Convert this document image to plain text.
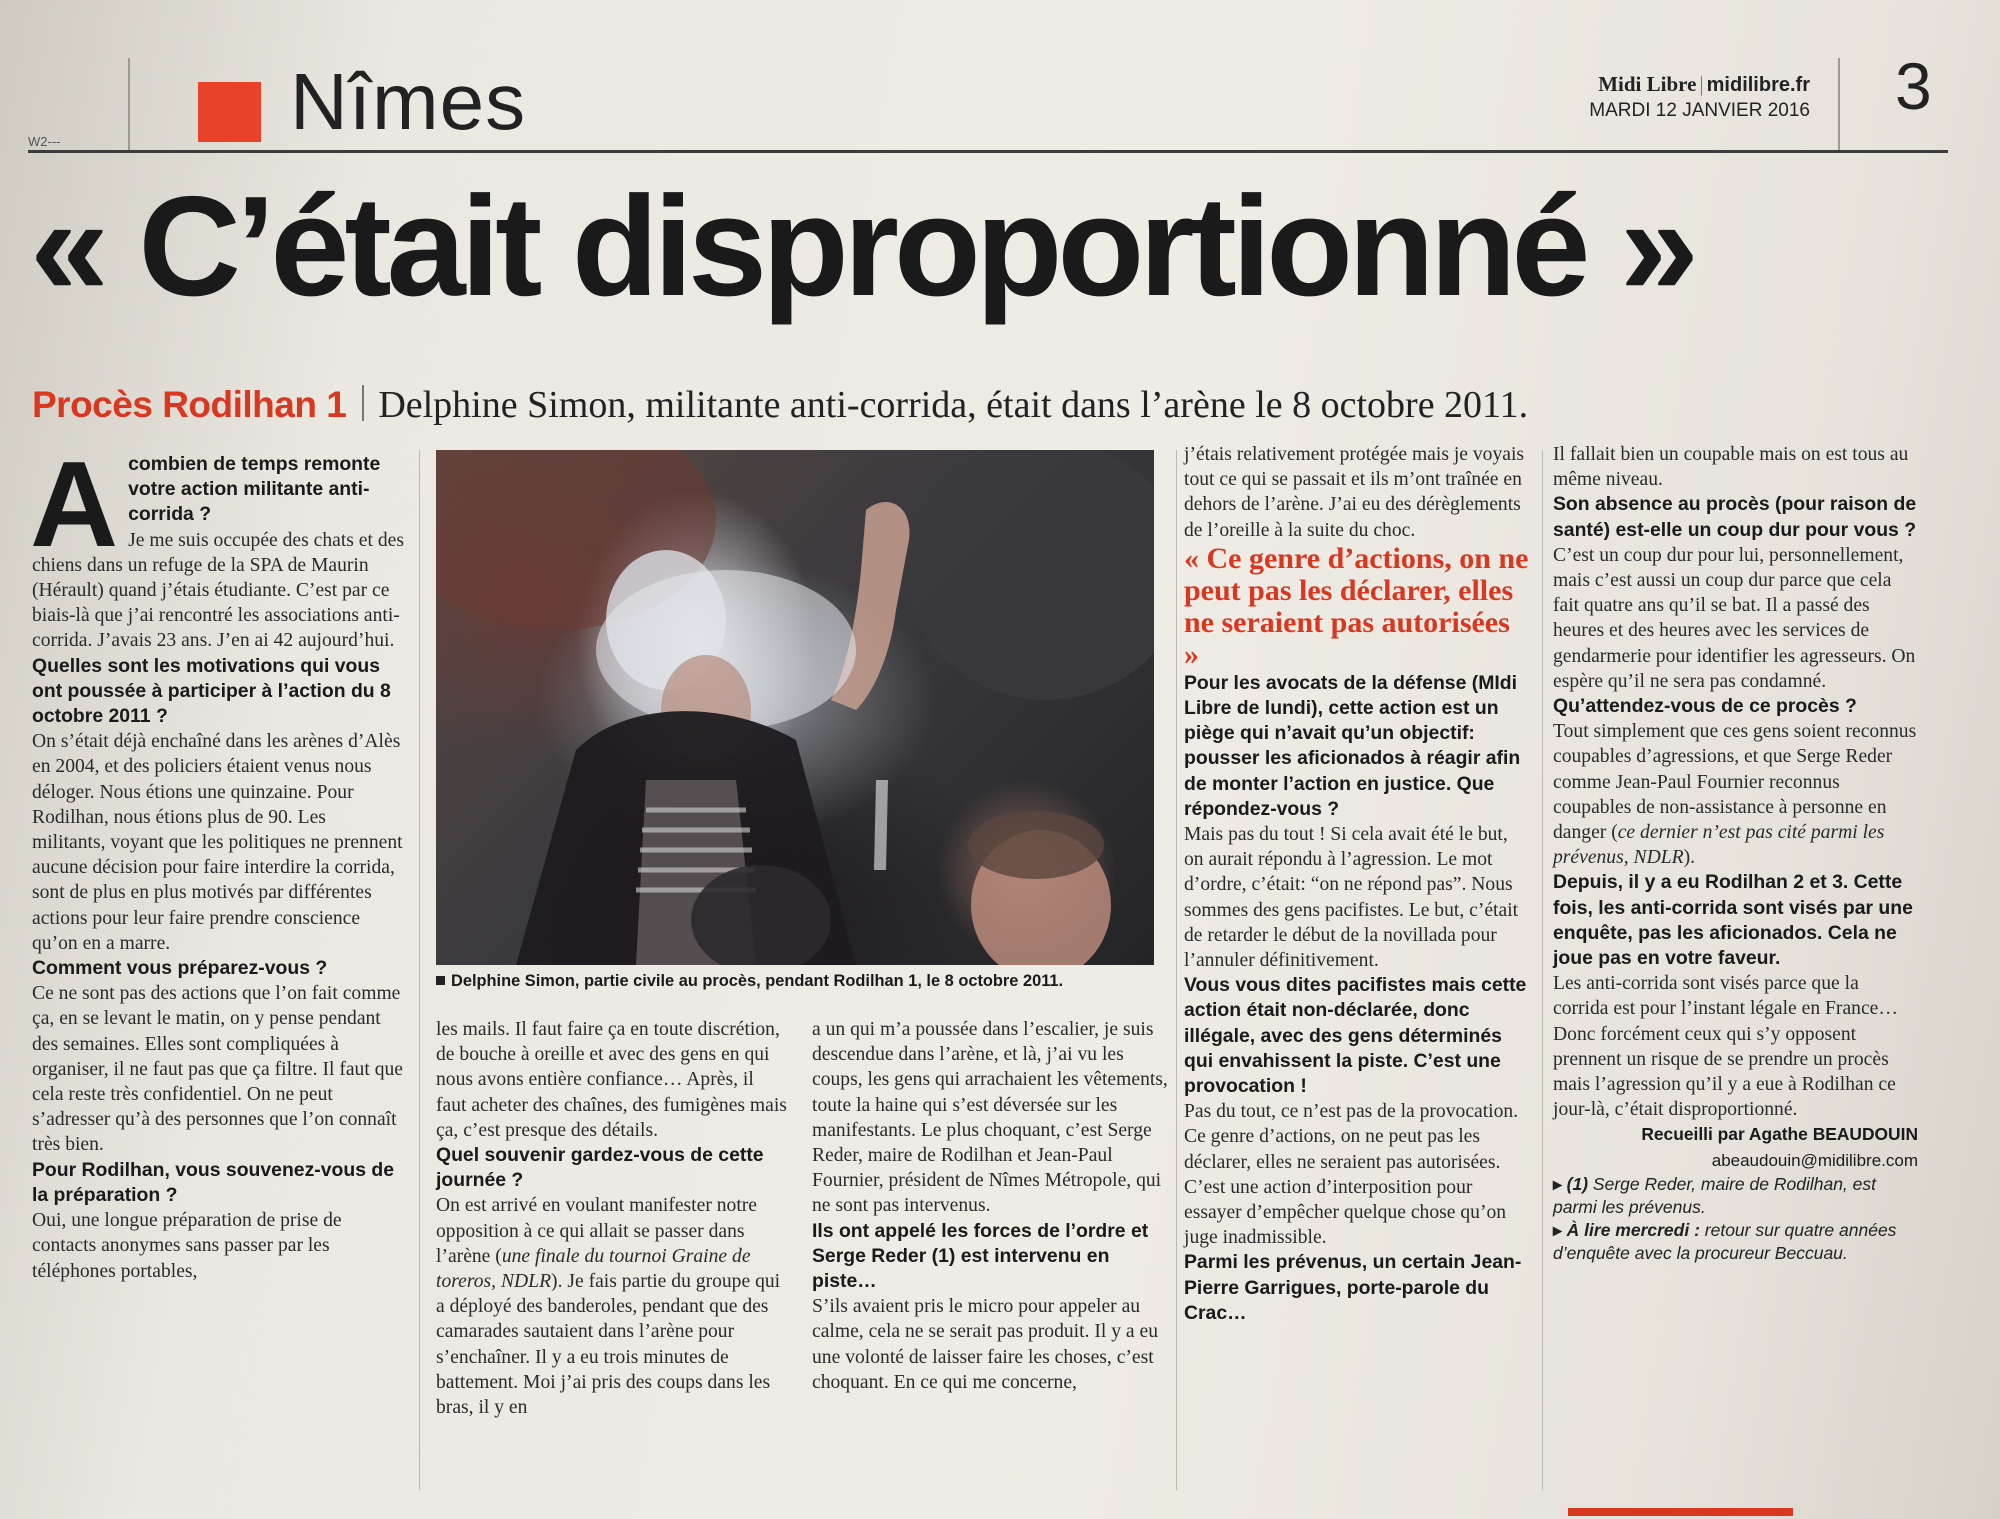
Nîmes
W2---
Midi Libre | midilibre.fr
MARDI 12 JANVIER 2016 3
« C’était disproportionné »
Procès Rodilhan 1 Delphine Simon, militante anti-corrida, était dans l’arène le 8 octobre 2011.
A combien de temps remonte votre action militante anti-corrida ?

Je me suis occupée des chats et des chiens dans un refuge de la SPA de Maurin (Hérault) quand j’étais étudiante. C’est par ce biais-là que j’ai rencontré les associations anti-corrida. J’avais 23 ans. J’en ai 42 aujourd’hui.

Quelles sont les motivations qui vous ont poussée à participer à l’action du 8 octobre 2011 ?

On s’était déjà enchaîné dans les arènes d’Alès en 2004, et des policiers étaient venus nous déloger. Nous étions une quinzaine. Pour Rodilhan, nous étions plus de 90. Les militants, voyant que les politiques ne prennent aucune décision pour faire interdire la corrida, sont de plus en plus motivés par différentes actions pour leur faire prendre conscience qu’on en a marre.

Comment vous préparez-vous ?

Ce ne sont pas des actions que l’on fait comme ça, en se levant le matin, on y pense pendant des semaines. Elles sont compliquées à organiser, il ne faut pas que ça filtre. Il faut que cela reste très confidentiel. On ne peut s’adresser qu’à des personnes que l’on connaît très bien.

Pour Rodilhan, vous souvenez-vous de la préparation ?

Oui, une longue préparation de prise de contacts anonymes sans passer par les téléphones portables,

Delphine Simon, partie civile au procès, pendant Rodilhan 1, le 8 octobre 2011.

les mails. Il faut faire ça en toute discrétion, de bouche à oreille et avec des gens en qui nous avons entière confiance… Après, il faut acheter des chaînes, des fumigènes mais ça, c’est presque des détails.

Quel souvenir gardez-vous de cette journée ?

On est arrivé en voulant manifester notre opposition à ce qui allait se passer dans l’arène (une finale du tournoi Graine de toreros, NDLR). Je fais partie du groupe qui a déployé des banderoles, pendant que des camarades sautaient dans l’arène pour s’enchaîner. Il y a eu trois minutes de battement. Moi j’ai pris des coups dans les bras, il y en

a un qui m’a poussée dans l’escalier, je suis descendue dans l’arène, et là, j’ai vu les coups, les gens qui arrachaient les vêtements, toute la haine qui s’est déversée sur les manifestants. Le plus choquant, c’est Serge Reder, maire de Rodilhan et Jean-Paul Fournier, président de Nîmes Métropole, qui ne sont pas intervenus.

Ils ont appelé les forces de l’ordre et Serge Reder (1) est intervenu en piste…

S’ils avaient pris le micro pour appeler au calme, cela ne se serait pas produit. Il y a eu une volonté de laisser faire les choses, c’est choquant. En ce qui me concerne,

j’étais relativement protégée mais je voyais tout ce qui se passait et ils m’ont traînée en dehors de l’arène. J’ai eu des dérèglements de l’oreille à la suite du choc.

« Ce genre d’actions, on ne peut pas les déclarer, elles ne seraient pas autorisées »

Pour les avocats de la défense (MIdi Libre de lundi), cette action est un piège qui n’avait qu’un objectif: pousser les aficionados à réagir afin de monter l’action en justice. Que répondez-vous ?

Mais pas du tout ! Si cela avait été le but, on aurait répondu à l’agression. Le mot d’ordre, c’était: “on ne répond pas”. Nous sommes des gens pacifistes. Le but, c’était de retarder le début de la novillada pour l’annuler définitivement.

Vous vous dites pacifistes mais cette action était non-déclarée, donc illégale, avec des gens déterminés qui envahissent la piste. C’est une provocation !

Pas du tout, ce n’est pas de la provocation. Ce genre d’actions, on ne peut pas les déclarer, elles ne seraient pas autorisées. C’est une action d’interposition pour essayer d’empêcher quelque chose qu’on juge inadmissible.

Parmi les prévenus, un certain Jean-Pierre Garrigues, porte-parole du Crac…

Il fallait bien un coupable mais on est tous au même niveau.

Son absence au procès (pour raison de santé) est-elle un coup dur pour vous ?

C’est un coup dur pour lui, personnellement, mais c’est aussi un coup dur parce que cela fait quatre ans qu’il se bat. Il a passé des heures et des heures avec les services de gendarmerie pour identifier les agresseurs. On espère qu’il ne sera pas condamné.

Qu’attendez-vous de ce procès ?

Tout simplement que ces gens soient reconnus coupables d’agressions, et que Serge Reder comme Jean-Paul Fournier reconnus coupables de non-assistance à personne en danger (ce dernier n’est pas cité parmi les prévenus, NDLR).

Depuis, il y a eu Rodilhan 2 et 3. Cette fois, les anti-corrida sont visés par une enquête, pas les aficionados. Cela ne joue pas en votre faveur.

Les anti-corrida sont visés parce que la corrida est pour l’instant légale en France… Donc forcément ceux qui s’y opposent prennent un risque de se prendre un procès mais l’agression qu’il y a eue à Rodilhan ce jour-là, c’était disproportionné.

Recueilli par Agathe BEAUDOUIN

abeaudouin@midilibre.com

▸ (1) Serge Reder, maire de Rodilhan, est parmi les prévenus.

▸ À lire mercredi : retour sur quatre années d’enquête avec la procureur Beccuau.
